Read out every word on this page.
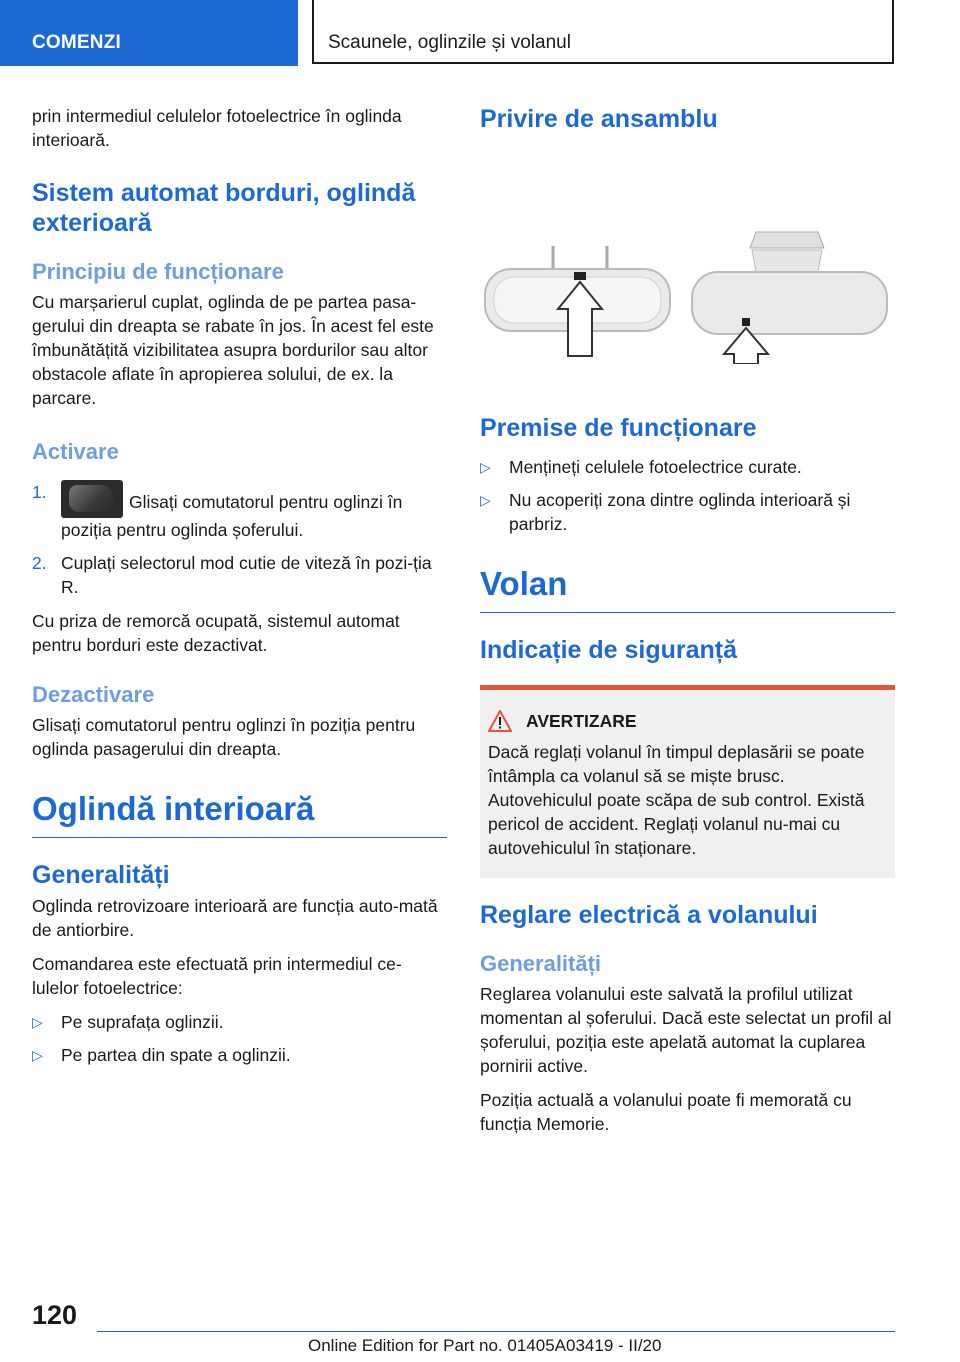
COMENZI	Scaunele, oglinzile și volanul

prin intermediul celulelor fotoelectrice în oglinda interioară.

Sistem automat borduri, oglindă exterioară
Principiu de funcționare

Cu marșarierul cuplat, oglinda de pe partea pasa-gerului din dreapta se rabate în jos. În acest fel este îmbunătățită vizibilitatea asupra bordurilor sau altor obstacole aflate în apropierea solului, de ex. la parcare.

Activare
1.	Glisați comutatorul pentru oglinzi în poziția pentru oglinda șoferului.
2. Cuplați selectorul mod cutie de viteză în pozi-ția R.

Cu priza de remorcă ocupată, sistemul automat pentru borduri este dezactivat.

Dezactivare

Glisați comutatorul pentru oglinzi în poziția pentru oglinda pasagerului din dreapta.

Oglindă interioară
Generalități

Oglinda retrovizoare interioară are funcția auto-mată de antiorbire.

Comandarea este efectuată prin intermediul ce-lulelor fotoelectrice:

▷ Pe suprafața oglinzii.
▷ Pe partea din spate a oglinzii.
Privire de ansamblu
Premise de funcționare
▷ Mențineți celulele fotoelectrice curate.
▷ Nu acoperiți zona dintre oglinda interioară și parbriz.
Volan
Indicație de siguranță
AVERTIZARE

Dacă reglați volanul în timpul deplasării se poate întâmpla ca volanul să se miște brusc. Autovehiculul poate scăpa de sub control. Există pericol de accident. Reglați volanul nu-mai cu autovehiculul în staționare.

Reglare electrică a volanului
Generalități

Reglarea volanului este salvată la profilul utilizat momentan al șoferului. Dacă este selectat un profil al șoferului, poziția este apelată automat la cuplarea pornirii active.

Poziția actuală a volanului poate fi memorată cu funcția Memorie.

120
Online Edition for Part no. 01405A03419 - II/20
